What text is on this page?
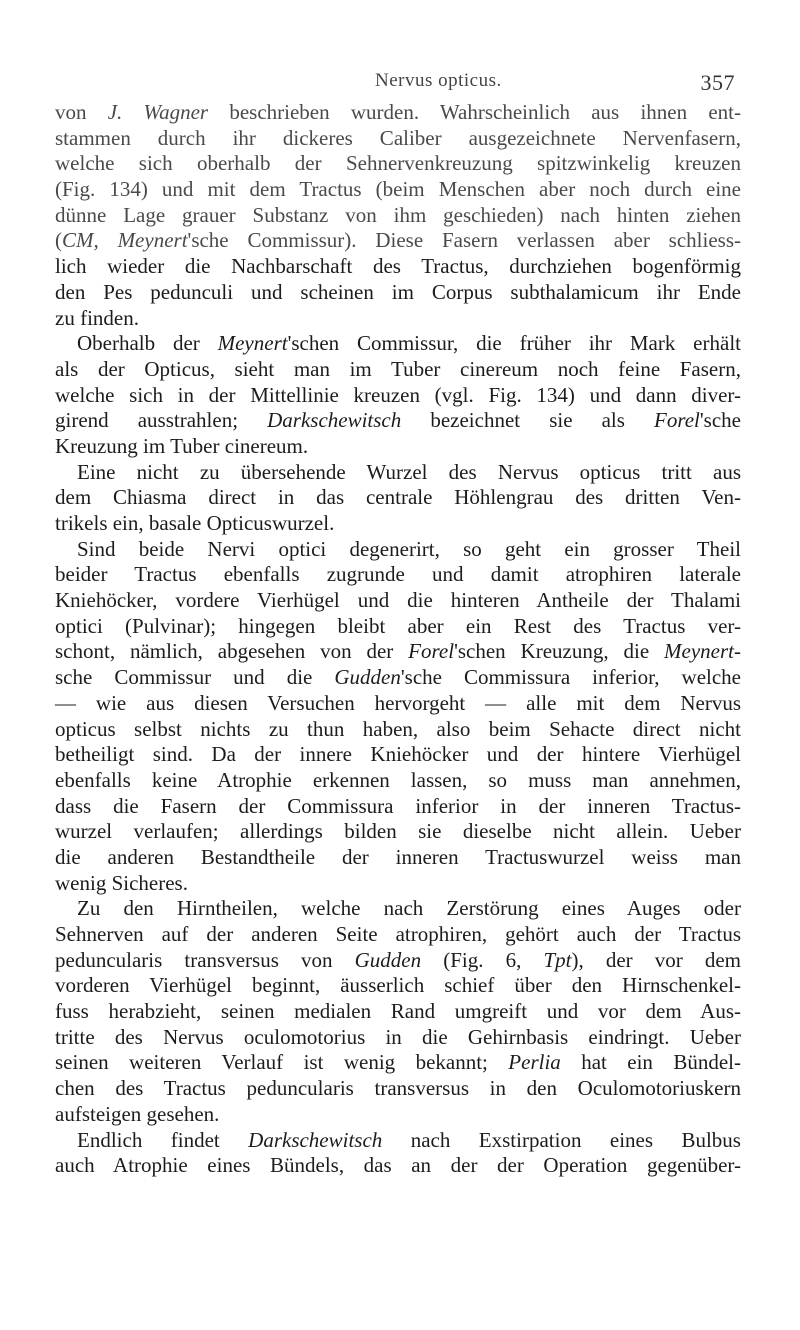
Nervus opticus.	357
von J. Wagner beschrieben wurden. Wahrscheinlich aus ihnen ent-
stammen durch ihr dickeres Caliber ausgezeichnete Nervenfasern,
welche sich oberhalb der Sehnervenkreuzung spitzwinkelig kreuzen
(Fig. 134) und mit dem Tractus (beim Menschen aber noch durch eine
dünne Lage grauer Substanz von ihm geschieden) nach hinten ziehen
(CM, Meynert'sche Commissur). Diese Fasern verlassen aber schliess-
lich wieder die Nachbarschaft des Tractus, durchziehen bogenförmig
den Pes pedunculi und scheinen im Corpus subthalamicum ihr Ende
zu finden.
Oberhalb der Meynert'schen Commissur, die früher ihr Mark erhält
als der Opticus, sieht man im Tuber cinereum noch feine Fasern,
welche sich in der Mittellinie kreuzen (vgl. Fig. 134) und dann diver-
girend ausstrahlen; Darkschewitsch bezeichnet sie als Forel'sche
Kreuzung im Tuber cinereum.
Eine nicht zu übersehende Wurzel des Nervus opticus tritt aus
dem Chiasma direct in das centrale Höhlengrau des dritten Ven-
trikels ein, basale Opticuswurzel.
Sind beide Nervi optici degenerirt, so geht ein grosser Theil
beider Tractus ebenfalls zugrunde und damit atrophiren laterale
Kniehöcker, vordere Vierhügel und die hinteren Antheile der Thalami
optici (Pulvinar); hingegen bleibt aber ein Rest des Tractus ver-
schont, nämlich, abgesehen von der Forel'schen Kreuzung, die Meynert-
sche Commissur und die Gudden'sche Commissura inferior, welche
— wie aus diesen Versuchen hervorgeht — alle mit dem Nervus
opticus selbst nichts zu thun haben, also beim Sehacte direct nicht
betheiligt sind. Da der innere Kniehöcker und der hintere Vierhügel
ebenfalls keine Atrophie erkennen lassen, so muss man annehmen,
dass die Fasern der Commissura inferior in der inneren Tractus-
wurzel verlaufen; allerdings bilden sie dieselbe nicht allein. Ueber
die anderen Bestandtheile der inneren Tractuswurzel weiss man
wenig Sicheres.
Zu den Hirntheilen, welche nach Zerstörung eines Auges oder
Sehnerven auf der anderen Seite atrophiren, gehört auch der Tractus
peduncularis transversus von Gudden (Fig. 6, Tpt), der vor dem
vorderen Vierhügel beginnt, äusserlich schief über den Hirnschenkel-
fuss herabzieht, seinen medialen Rand umgreift und vor dem Aus-
tritte des Nervus oculomotorius in die Gehirnbasis eindringt. Ueber
seinen weiteren Verlauf ist wenig bekannt; Perlia hat ein Bündel-
chen des Tractus peduncularis transversus in den Oculomotoriuskern
aufsteigen gesehen.
Endlich findet Darkschewitsch nach Exstirpation eines Bulbus
auch Atrophie eines Bündels, das an der der Operation gegenüber-
